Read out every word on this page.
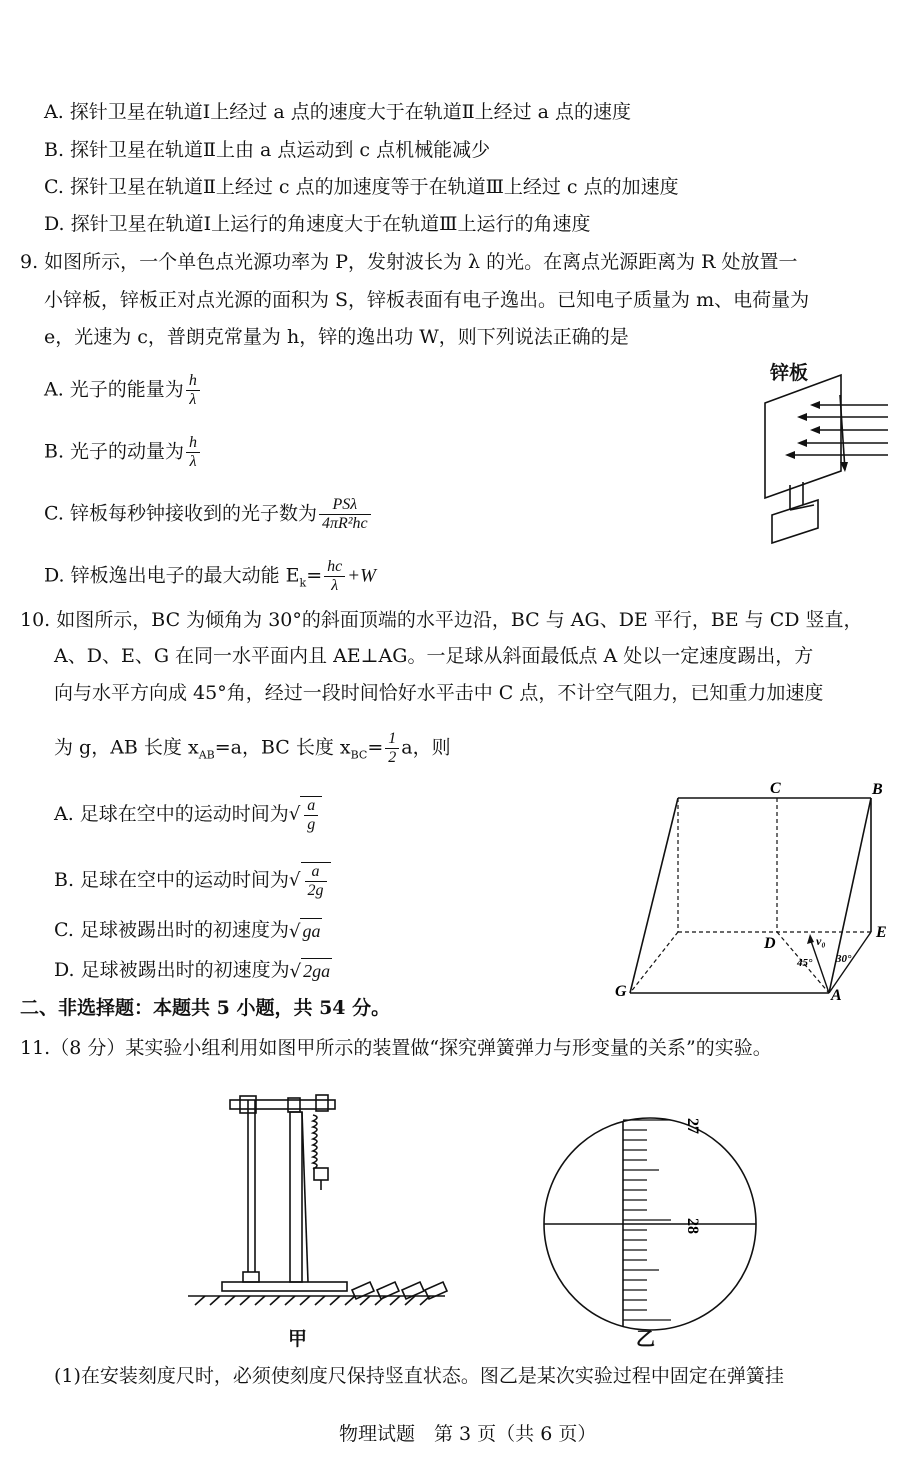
A. 探针卫星在轨道Ⅰ上经过 a 点的速度大于在轨道Ⅱ上经过 a 点的速度
B. 探针卫星在轨道Ⅱ上由 a 点运动到 c 点机械能减少
C. 探针卫星在轨道Ⅱ上经过 c 点的加速度等于在轨道Ⅲ上经过 c 点的加速度
D. 探针卫星在轨道Ⅰ上运行的角速度大于在轨道Ⅲ上运行的角速度
9. 如图所示，一个单色点光源功率为 P，发射波长为 λ 的光。在离点光源距离为 R 处放置一
小锌板，锌板正对点光源的面积为 S，锌板表面有电子逸出。已知电子质量为 m、电荷量为
e，光速为 c，普朗克常量为 h，锌的逸出功 W，则下列说法正确的是
A. 光子的能量为 $\frac{h}{\lambda}$
B. 光子的动量为 $\frac{h}{\lambda}$
C. 锌板每秒钟接收到的光子数为 $\frac{\text{PSλ}}{\text{4πR²hc}}$
D. 锌板逸出电子的最大动能 $E_k= \frac{hc}{\lambda} +W$
锌板
10. 如图所示，BC 为倾角为 30°的斜面顶端的水平边沿，BC 与 AG、DE 平行，BE 与 CD 竖直，
A、D、E、G 在同一水平面内且 AE⊥AG。一足球从斜面最低点 A 处以一定速度踢出，方
向与水平方向成 45°角，经过一段时间恰好水平击中 C 点，不计空气阻力，已知重力加速度
为 g，AB 长度 $x_{AB}=a$，BC 长度 $x_{BC}= \frac{1}{2}$ a，则
A. 足球在空中的运动时间为√ $\frac{a}{g}$
B. 足球在空中的运动时间为√ $\frac{a}{2g}$
C. 足球被踢出时的初速度为√ ga
D. 足球被踢出时的初速度为√ 2ga
C	B
D
E
G	A
v₀
45° 30°
二、非选择题：本题共 5 小题，共 54 分。
11.（8 分）某实验小组利用如图甲所示的装置做“探究弹簧弹力与形变量的关系”的实验。
甲
27
28
乙
(1)在安装刻度尺时，必须使刻度尺保持竖直状态。图乙是某次实验过程中固定在弹簧挂
物理试题　第 3 页（共 6 页）
